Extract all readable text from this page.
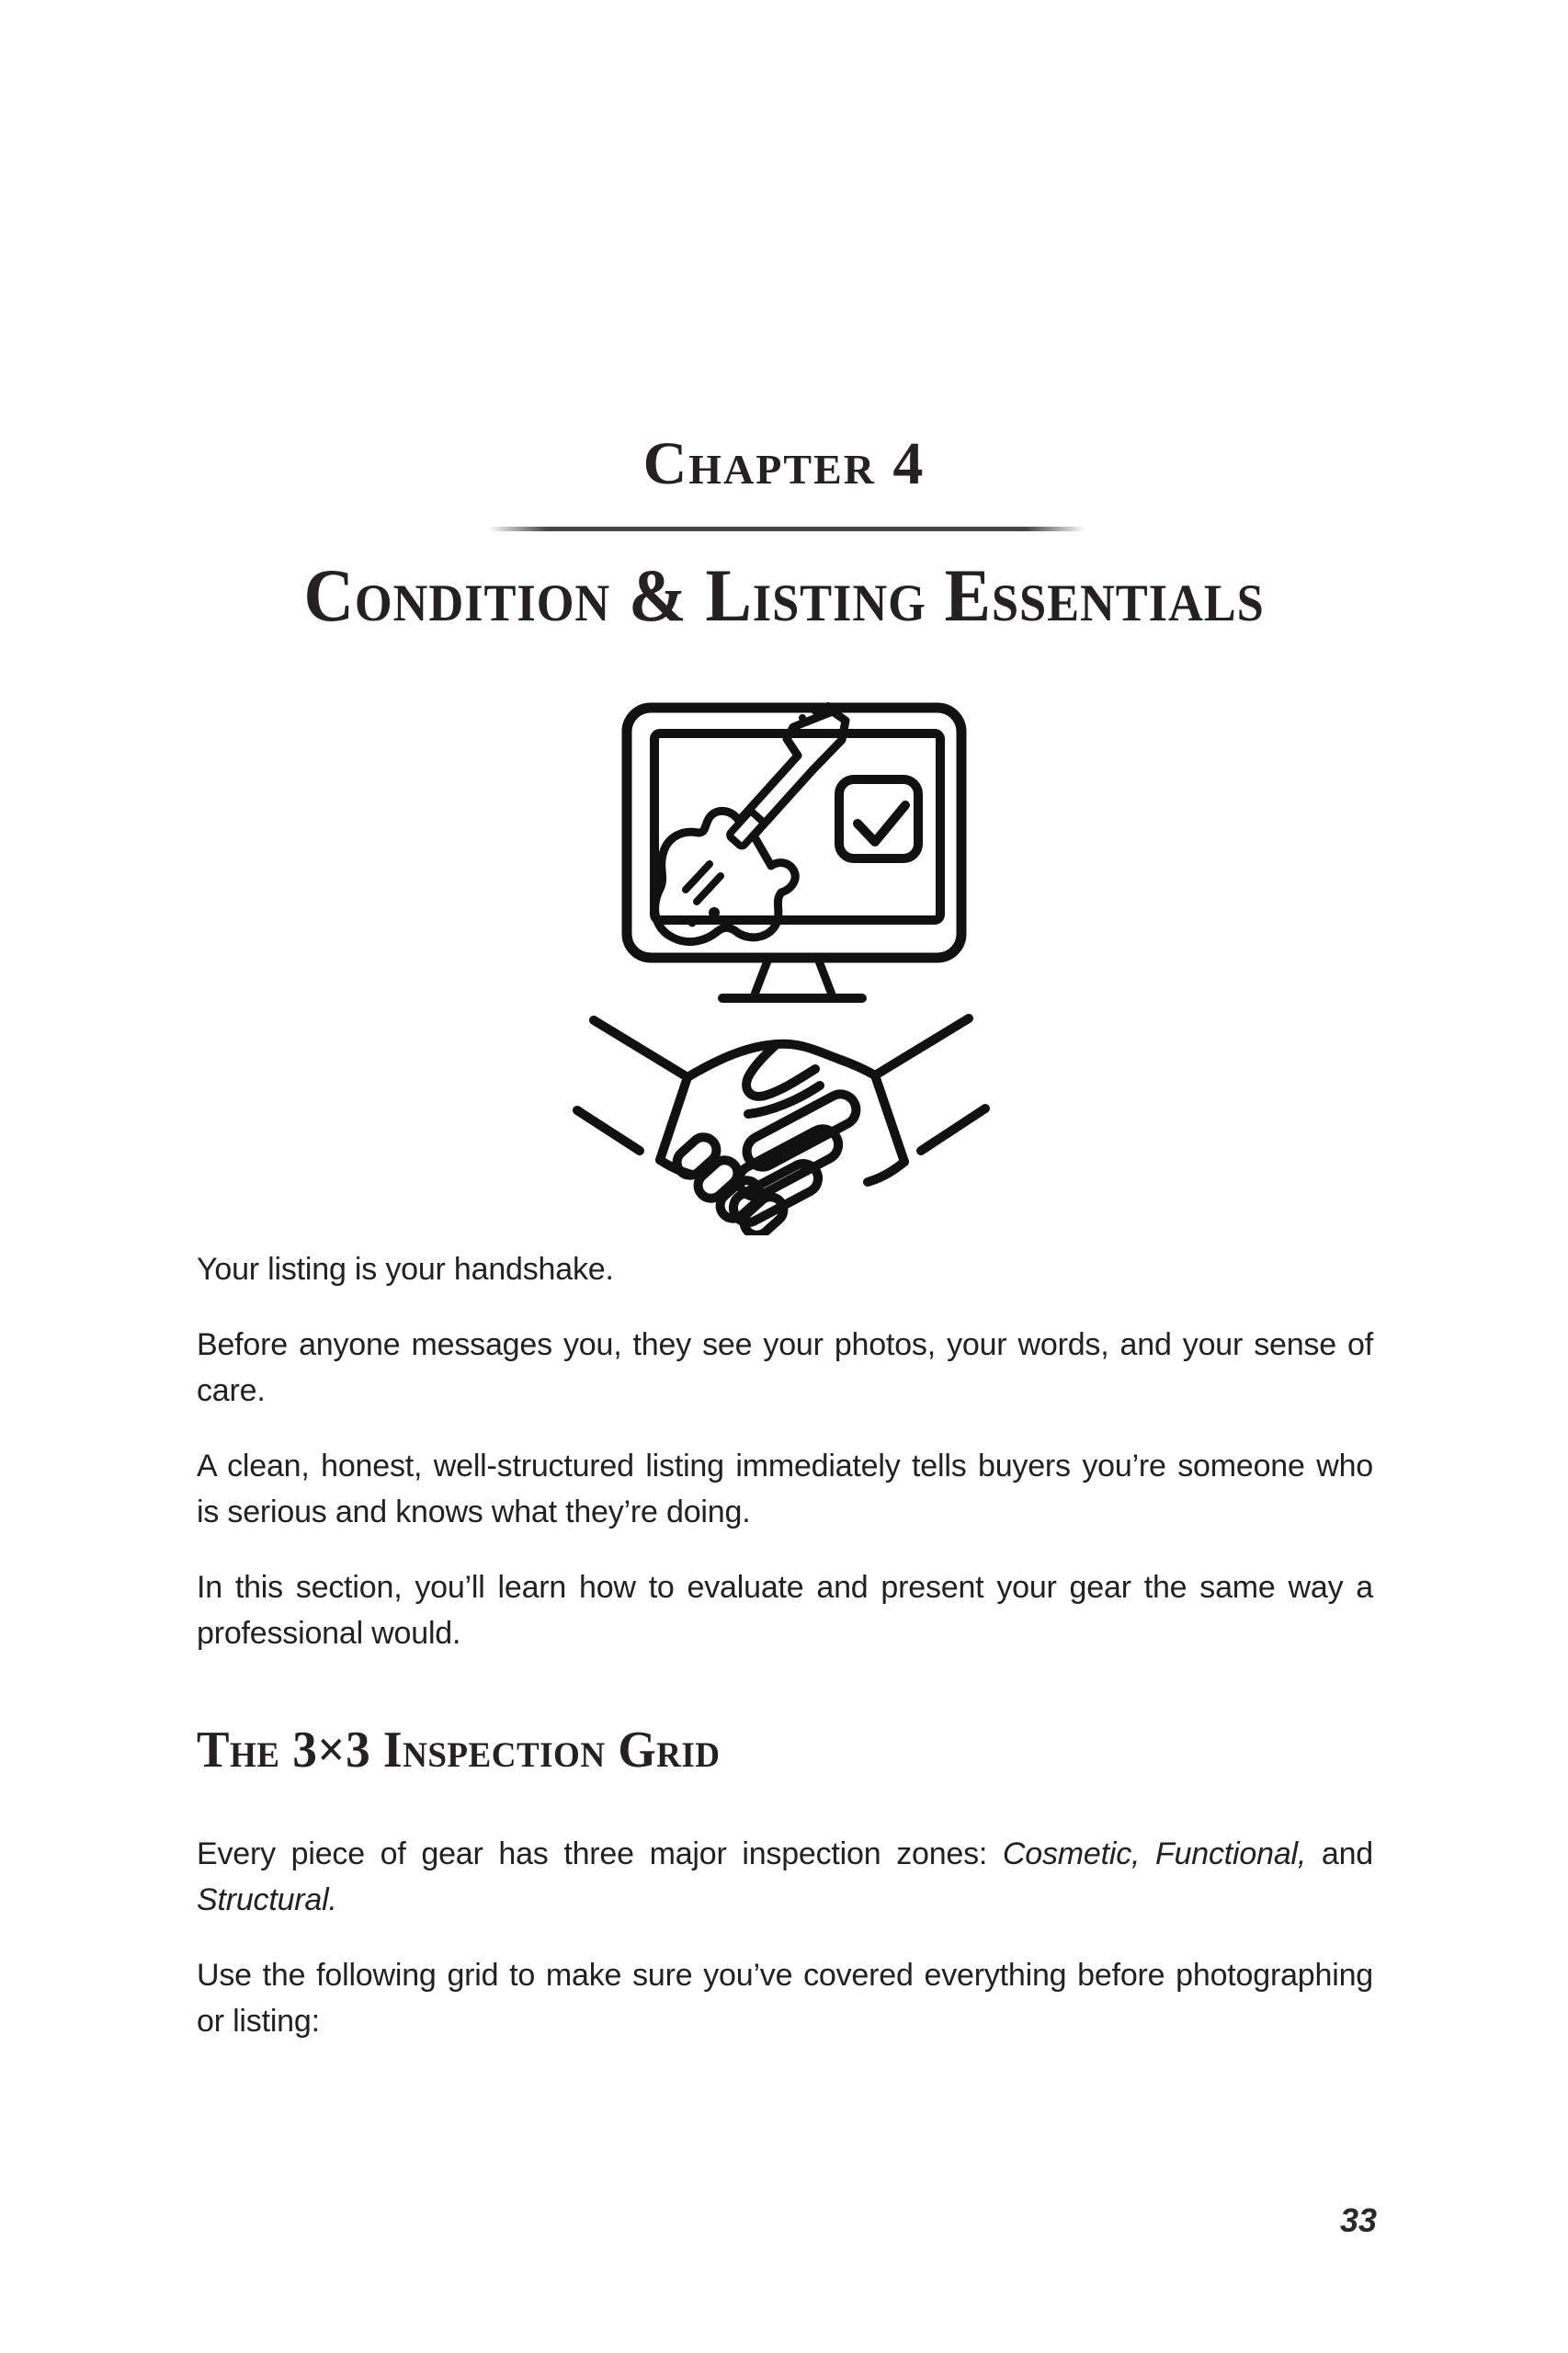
Chapter 4
Condition & Listing Essentials

Your listing is your handshake.

Before anyone messages you, they see your photos, your words, and your sense of care.

A clean, honest, well-structured listing immediately tells buyers you’re someone who is serious and knows what they’re doing.

In this section, you’ll learn how to evaluate and present your gear the same way a professional would.

The 3×3 Inspection Grid

Every piece of gear has three major inspection zones: Cosmetic, Functional, and Structural.

Use the following grid to make sure you’ve covered everything before photographing or listing:

33
